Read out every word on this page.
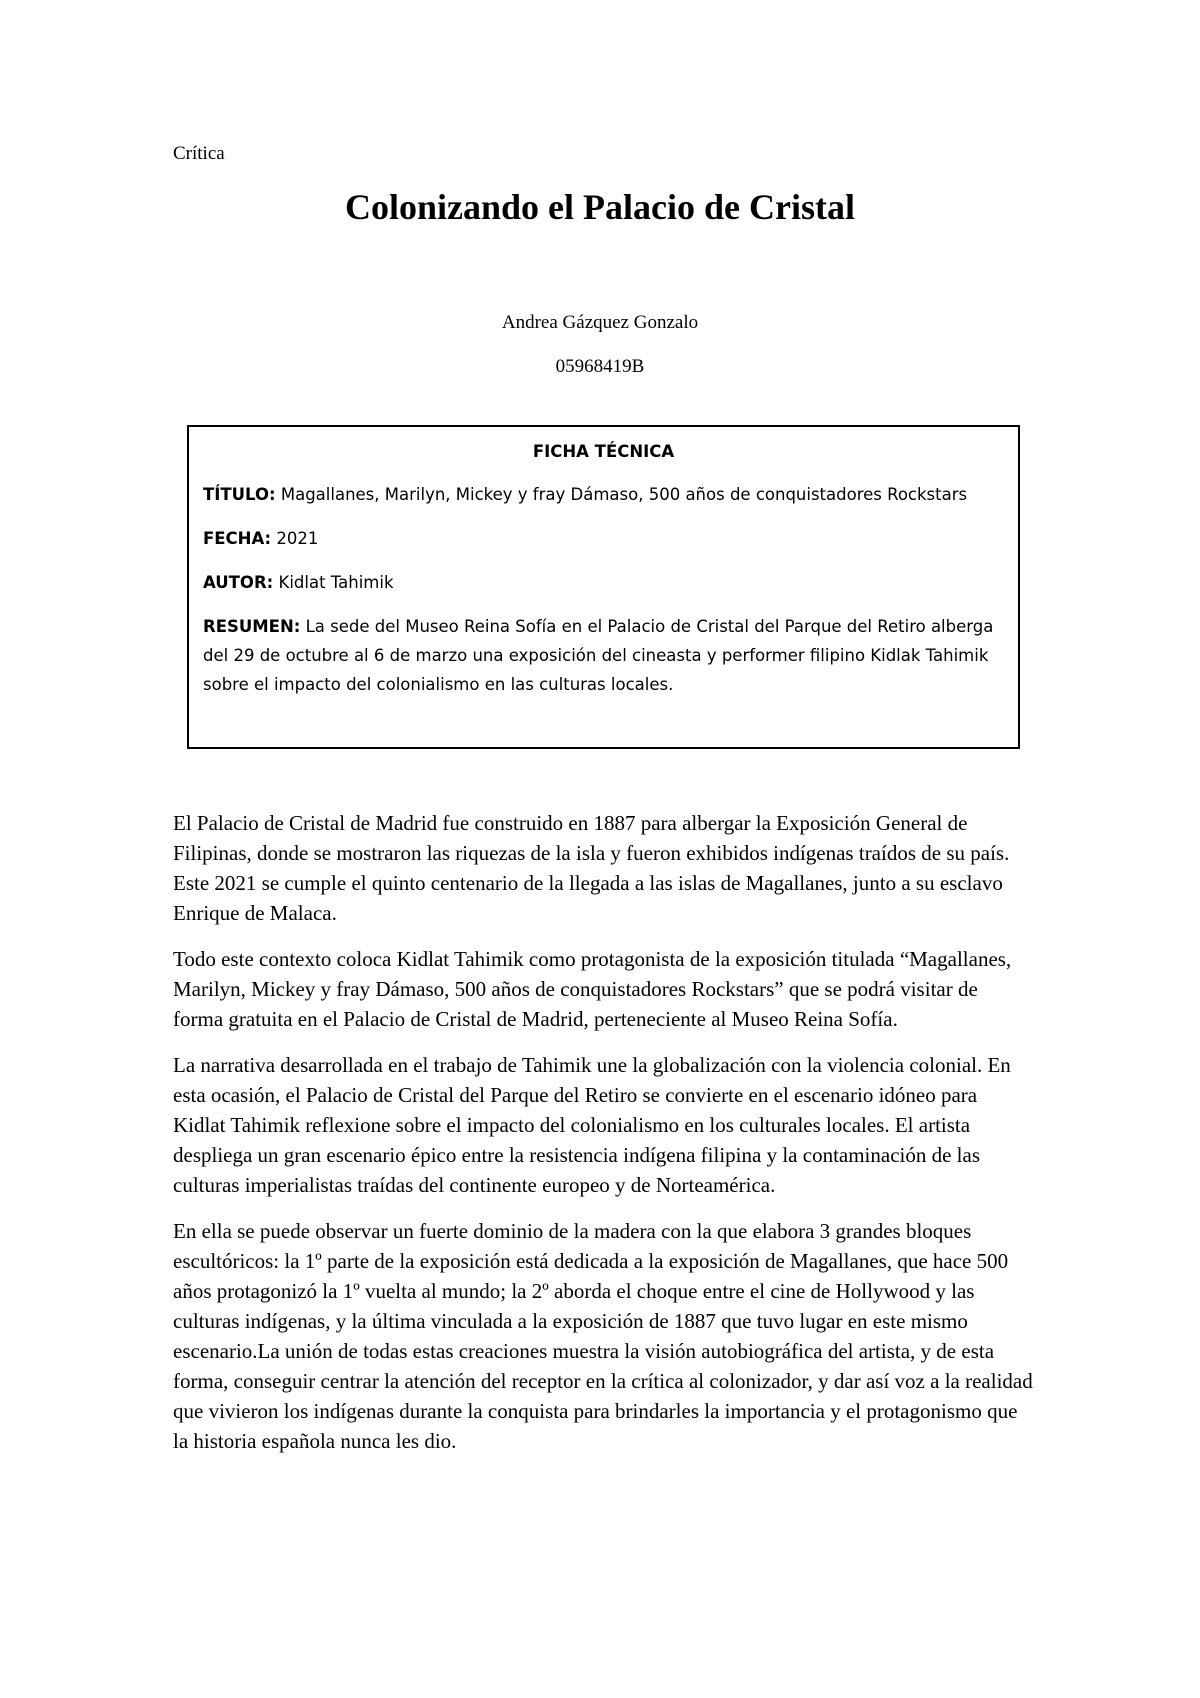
Crítica

Colonizando el Palacio de Cristal

Andrea Gázquez Gonzalo

05968419B

FICHA TÉCNICA

TÍTULO: Magallanes, Marilyn, Mickey y fray Dámaso, 500 años de conquistadores Rockstars

FECHA: 2021

AUTOR: Kidlat Tahimik

RESUMEN: La sede del Museo Reina Sofía en el Palacio de Cristal del Parque del Retiro alberga del 29 de octubre al 6 de marzo una exposición del cineasta y performer filipino Kidlak Tahimik sobre el impacto del colonialismo en las culturas locales.

El Palacio de Cristal de Madrid fue construido en 1887 para albergar la Exposición General de Filipinas, donde se mostraron las riquezas de la isla y fueron exhibidos indígenas traídos de su país. Este 2021 se cumple el quinto centenario de la llegada a las islas de Magallanes, junto a su esclavo Enrique de Malaca.

Todo este contexto coloca Kidlat Tahimik como protagonista de la exposición titulada “Magallanes, Marilyn, Mickey y fray Dámaso, 500 años de conquistadores Rockstars” que se podrá visitar de forma gratuita en el Palacio de Cristal de Madrid, perteneciente al Museo Reina Sofía.

La narrativa desarrollada en el trabajo de Tahimik une la globalización con la violencia colonial. En esta ocasión, el Palacio de Cristal del Parque del Retiro se convierte en el escenario idóneo para Kidlat Tahimik reflexione sobre el impacto del colonialismo en los culturales locales. El artista despliega un gran escenario épico entre la resistencia indígena filipina y la contaminación de las culturas imperialistas traídas del continente europeo y de Norteamérica.

En ella se puede observar un fuerte dominio de la madera con la que elabora 3 grandes bloques escultóricos: la 1º parte de la exposición está dedicada a la exposición de Magallanes, que hace 500 años protagonizó la 1º vuelta al mundo; la 2º aborda el choque entre el cine de Hollywood y las culturas indígenas, y la última vinculada a la exposición de 1887 que tuvo lugar en este mismo escenario.La unión de todas estas creaciones muestra la visión autobiográfica del artista, y de esta forma, conseguir centrar la atención del receptor en la crítica al colonizador, y dar así voz a la realidad que vivieron los indígenas durante la conquista para brindarles la importancia y el protagonismo que la historia española nunca les dio.
